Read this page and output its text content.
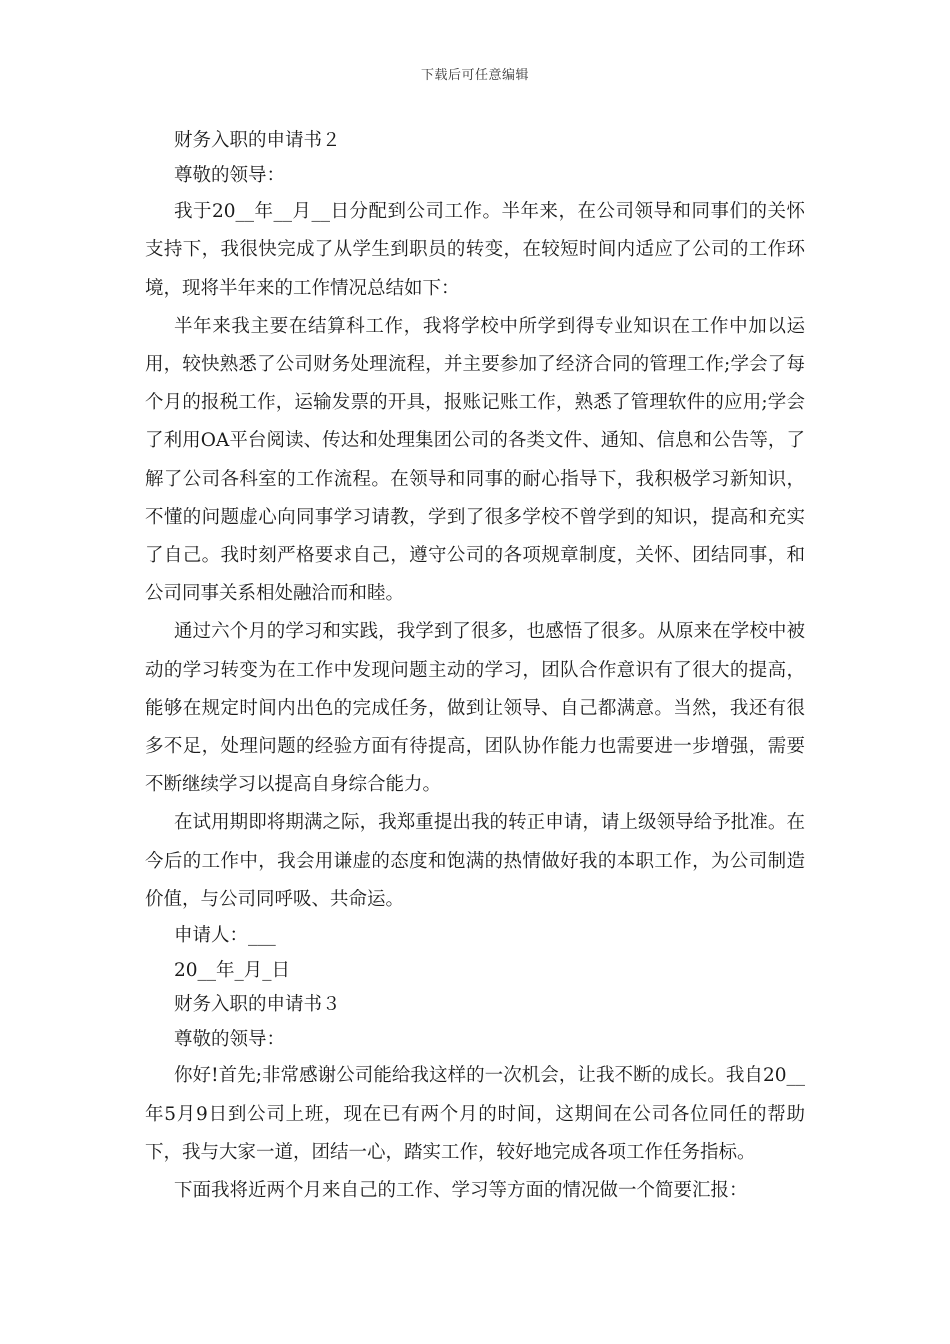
下载后可任意编辑
财务入职的申请书２
尊敬的领导：

我于20__年__月__日分配到公司工作。半年来，在公司领导和同事们的关怀支持下，我很快完成了从学生到职员的转变，在较短时间内适应了公司的工作环境，现将半年来的工作情况总结如下：

半年来我主要在结算科工作，我将学校中所学到得专业知识在工作中加以运用，较快熟悉了公司财务处理流程，并主要参加了经济合同的管理工作;学会了每个月的报税工作，运输发票的开具，报账记账工作，熟悉了管理软件的应用;学会了利用OA平台阅读、传达和处理集团公司的各类文件、通知、信息和公告等，了解了公司各科室的工作流程。在领导和同事的耐心指导下，我积极学习新知识，不懂的问题虚心向同事学习请教，学到了很多学校不曾学到的知识，提高和充实了自己。我时刻严格要求自己，遵守公司的各项规章制度，关怀、团结同事，和公司同事关系相处融洽而和睦。

通过六个月的学习和实践，我学到了很多，也感悟了很多。从原来在学校中被动的学习转变为在工作中发现问题主动的学习，团队合作意识有了很大的提高，能够在规定时间内出色的完成任务，做到让领导、自己都满意。当然，我还有很多不足，处理问题的经验方面有待提高，团队协作能力也需要进一步增强，需要不断继续学习以提高自身综合能力。

在试用期即将期满之际，我郑重提出我的转正申请，请上级领导给予批准。在今后的工作中，我会用谦虚的态度和饱满的热情做好我的本职工作，为公司制造价值，与公司同呼吸、共命运。

申请人：___
20__年_月_日
财务入职的申请书３
尊敬的领导：

你好!首先;非常感谢公司能给我这样的一次机会，让我不断的成长。我自20__年5月9日到公司上班，现在已有两个月的时间，这期间在公司各位同任的帮助下，我与大家一道，团结一心，踏实工作，较好地完成各项工作任务指标。

下面我将近两个月来自己的工作、学习等方面的情况做一个简要汇报：
